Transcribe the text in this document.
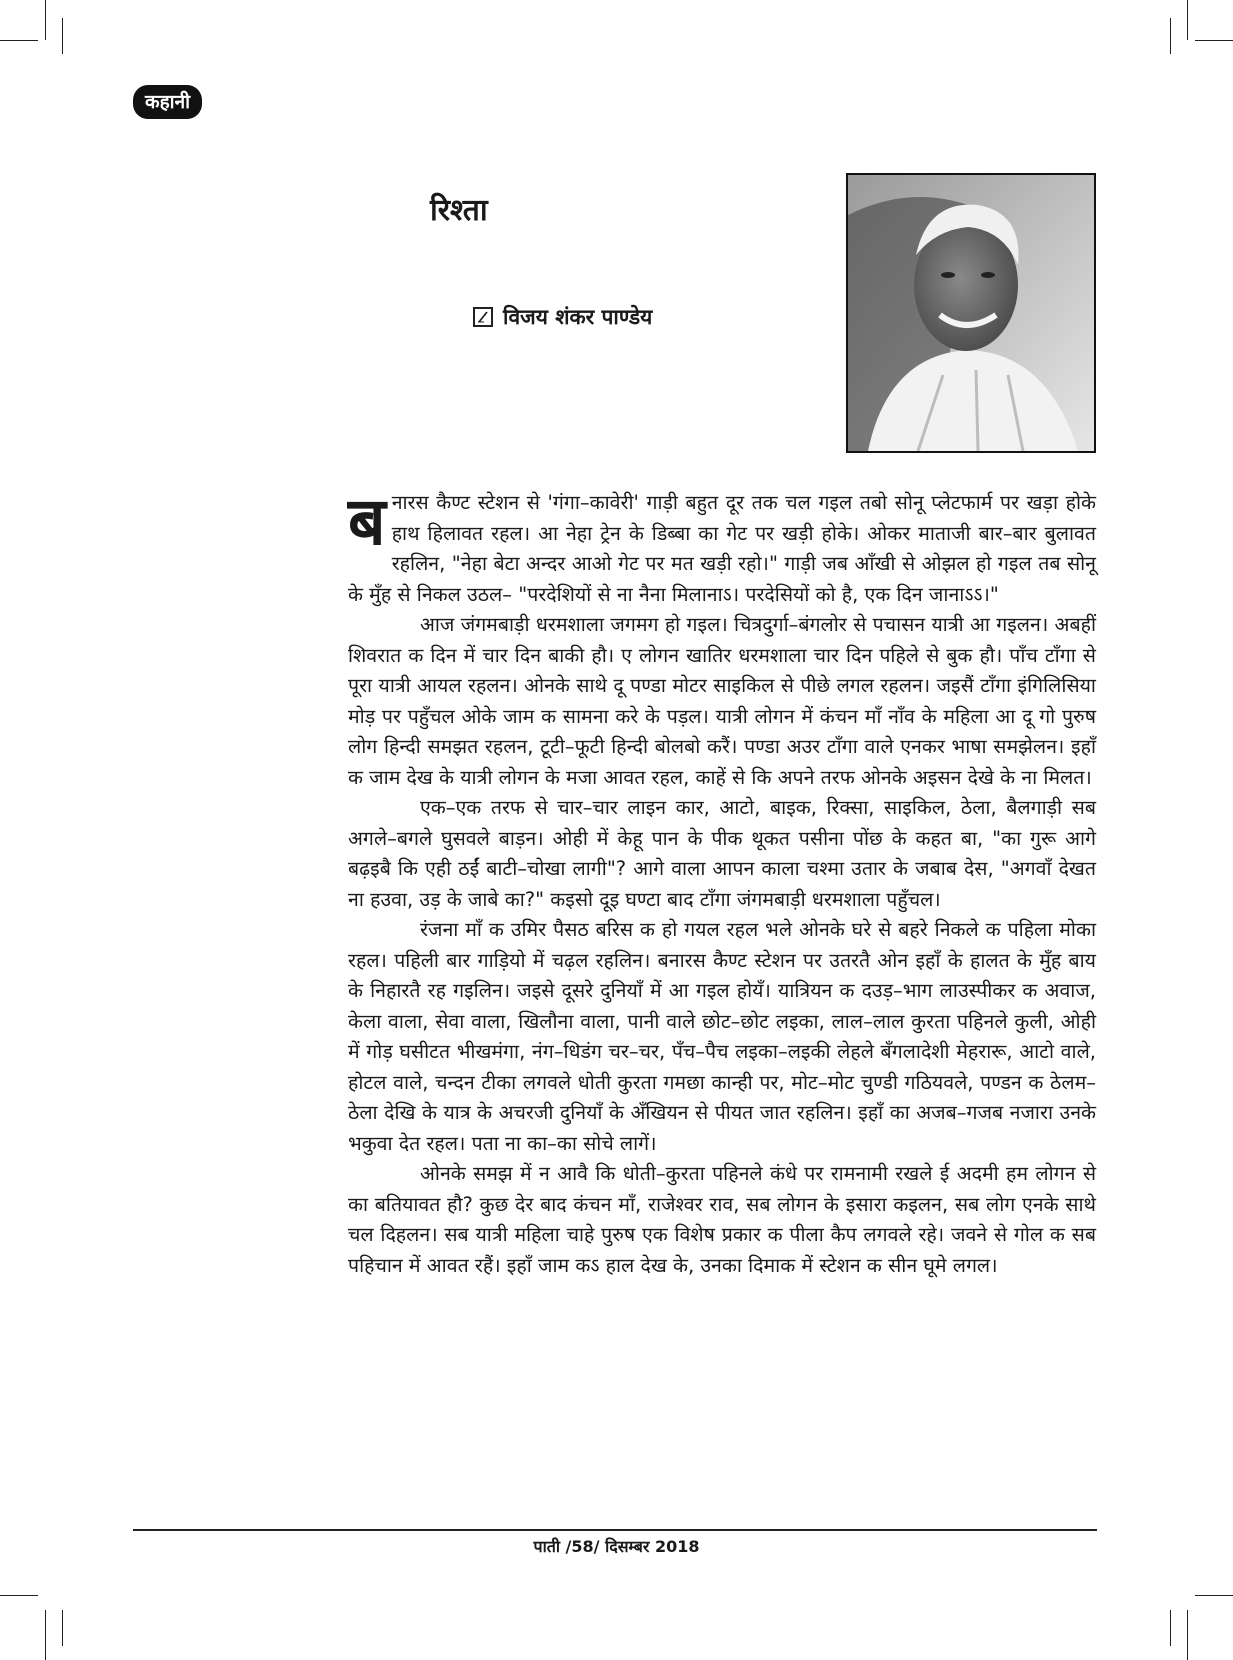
कहानी
रिश्ता
विजय शंकर पाण्डेय

बनारस कैण्ट स्टेशन से 'गंगा–कावेरी' गाड़ी बहुत दूर तक चल गइल तबो सोनू प्लेटफार्म पर खड़ा होके हाथ हिलावत रहल। आ नेहा ट्रेन के डिब्बा का गेट पर खड़ी होके। ओकर माताजी बार–बार बुलावत रहलिन, "नेहा बेटा अन्दर आओ गेट पर मत खड़ी रहो।" गाड़ी जब आँखी से ओझल हो गइल तब सोनू के मुँह से निकल उठल– "परदेशियों से ना नैना मिलानाऽ। परदेसियों को है, एक दिन जानाऽऽ।"

आज जंगमबाड़ी धरमशाला जगमग हो गइल। चित्रदुर्गा–बंगलोर से पचासन यात्री आ गइलन। अबहीं शिवरात क दिन में चार दिन बाकी हौ। ए लोगन खातिर धरमशाला चार दिन पहिले से बुक हौ। पाँच टाँगा से पूरा यात्री आयल रहलन। ओनके साथे दू पण्डा मोटर साइकिल से पीछे लगल रहलन। जइसैं टाँगा इंगिलिसिया मोड़ पर पहुँचल ओके जाम क सामना करे के पड़ल। यात्री लोगन में कंचन माँ नाँव के महिला आ दू गो पुरुष लोग हिन्दी समझत रहलन, टूटी–फूटी हिन्दी बोलबो करैं। पण्डा अउर टाँगा वाले एनकर भाषा समझेलन। इहाँ क जाम देख के यात्री लोगन के मजा आवत रहल, काहें से कि अपने तरफ ओनके अइसन देखे के ना मिलत।

एक–एक तरफ से चार–चार लाइन कार, आटो, बाइक, रिक्सा, साइकिल, ठेला, बैलगाड़ी सब अगले–बगले घुसवले बाड़न। ओही में केहू पान के पीक थूकत पसीना पोंछ के कहत बा, "का गुरू आगे बढ़इबै कि एही ठईं बाटी–चोखा लागी"? आगे वाला आपन काला चश्मा उतार के जबाब देस, "अगवाँ देखत ना हउवा, उड़ के जाबे का?" कइसो दूइ घण्टा बाद टाँगा जंगमबाड़ी धरमशाला पहुँचल।

रंजना माँ क उमिर पैसठ बरिस क हो गयल रहल भले ओनके घरे से बहरे निकले क पहिला मोका रहल। पहिली बार गाड़ियो में चढ़ल रहलिन। बनारस कैण्ट स्टेशन पर उतरतै ओन इहाँ के हालत के मुँह बाय के निहारतै रह गइलिन। जइसे दूसरे दुनियाँ में आ गइल होयँ। यात्रियन क दउड़–भाग लाउस्पीकर क अवाज, केला वाला, सेवा वाला, खिलौना वाला, पानी वाले छोट–छोट लइका, लाल–लाल कुरता पहिनले कुली, ओही में गोड़ घसीटत भीखमंगा, नंग–धिडंग चर–चर, पँच–पैच लइका–लइकी लेहले बँगलादेशी मेहरारू, आटो वाले, होटल वाले, चन्दन टीका लगवले धोती कुरता गमछा कान्ही पर, मोट–मोट चुण्डी गठियवले, पण्डन क ठेलम–ठेला देखि के यात्र के अचरजी दुनियाँ के अँखियन से पीयत जात रहलिन। इहाँ का अजब–गजब नजारा उनके भकुवा देत रहल। पता ना का–का सोचे लागें।

ओनके समझ में न आवै कि धोती–कुरता पहिनले कंधे पर रामनामी रखले ई अदमी हम लोगन से का बतियावत हौ? कुछ देर बाद कंचन माँ, राजेश्वर राव, सब लोगन के इसारा कइलन, सब लोग एनके साथे चल दिहलन। सब यात्री महिला चाहे पुरुष एक विशेष प्रकार क पीला कैप लगवले रहे। जवने से गोल क सब पहिचान में आवत रहैं। इहाँ जाम कऽ हाल देख के, उनका दिमाक में स्टेशन क सीन घूमे लगल।

पाती /58/ दिसम्बर 2018
